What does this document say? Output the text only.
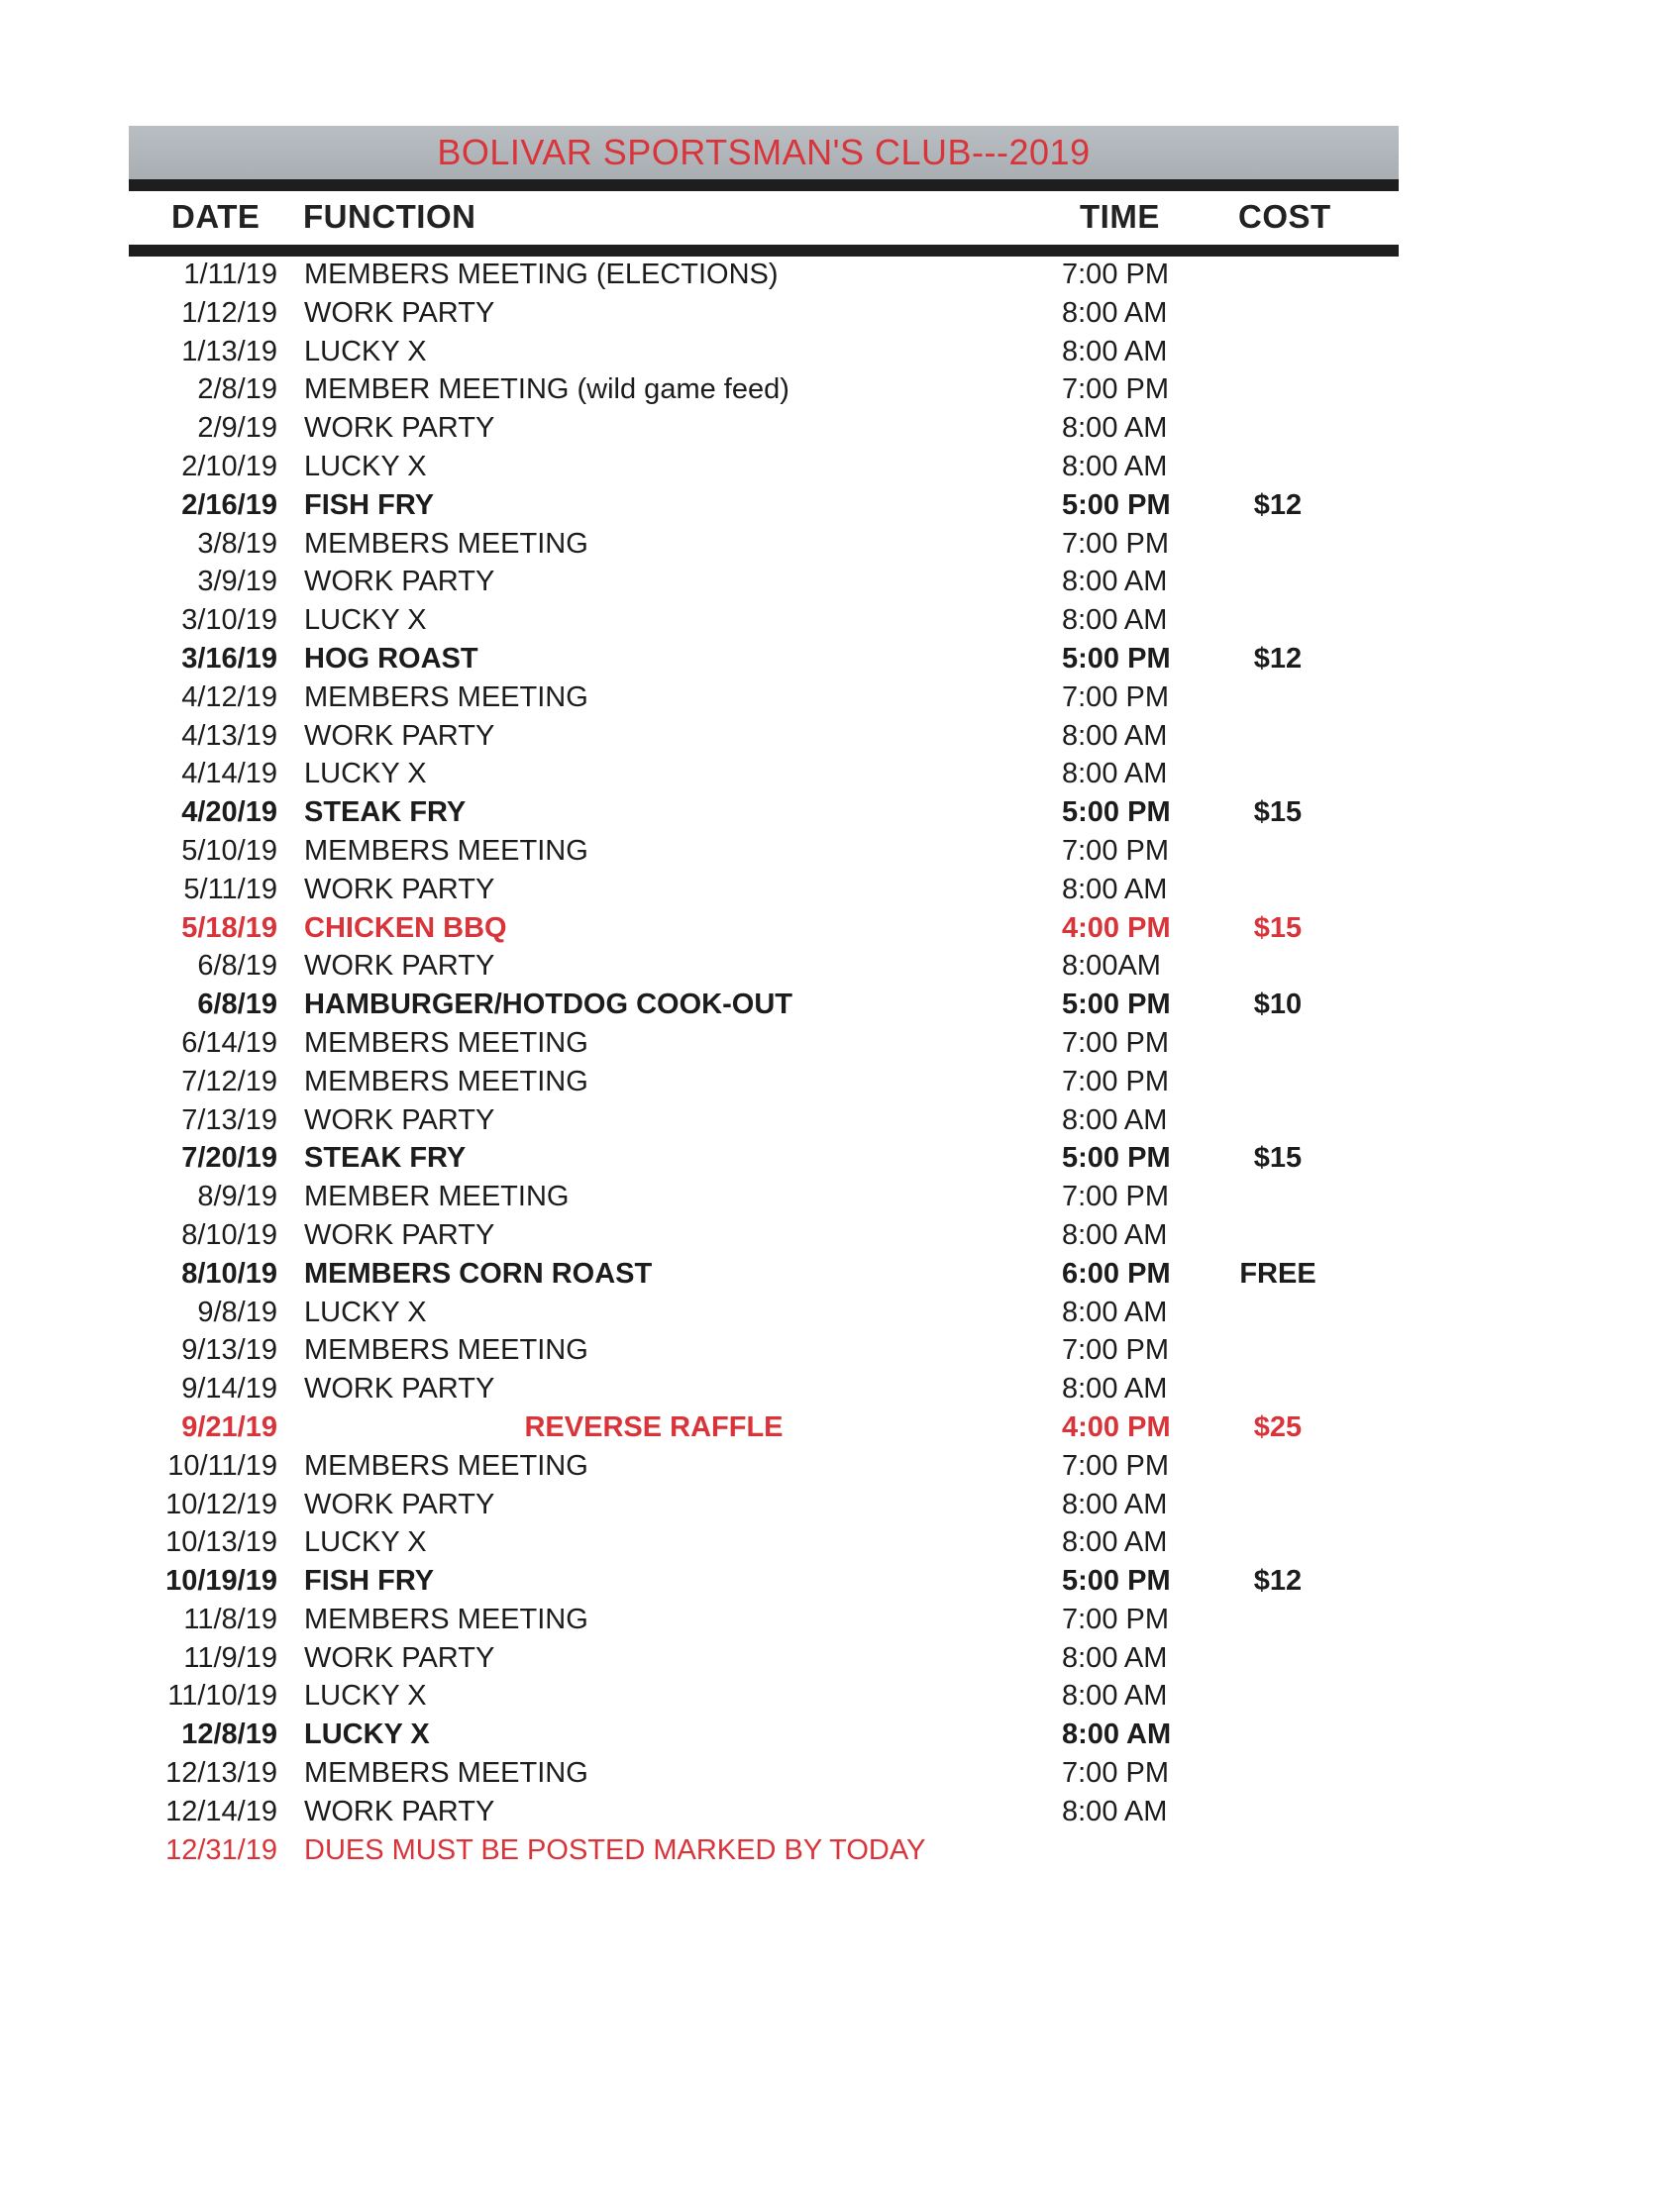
BOLIVAR SPORTSMAN'S CLUB---2019
DATE FUNCTION	TIME COST
1/11/19 MEMBERS MEETING (ELECTIONS)	7:00 PM
1/12/19 WORK PARTY	8:00 AM
1/13/19 LUCKY X	8:00 AM
2/8/19 MEMBER MEETING (wild game feed)	7:00 PM
2/9/19 WORK PARTY	8:00 AM
2/10/19 LUCKY X	8:00 AM
2/16/19 FISH FRY	5:00 PM	$12
3/8/19 MEMBERS MEETING	7:00 PM
3/9/19 WORK PARTY	8:00 AM
3/10/19 LUCKY X	8:00 AM
3/16/19 HOG ROAST	5:00 PM	$12
4/12/19 MEMBERS MEETING	7:00 PM
4/13/19 WORK PARTY	8:00 AM
4/14/19 LUCKY X	8:00 AM
4/20/19 STEAK FRY	5:00 PM	$15
5/10/19 MEMBERS MEETING	7:00 PM
5/11/19 WORK PARTY	8:00 AM
5/18/19 CHICKEN BBQ	4:00 PM	$15
6/8/19 WORK PARTY	8:00AM
6/8/19 HAMBURGER/HOTDOG COOK-OUT	5:00 PM	$10
6/14/19 MEMBERS MEETING	7:00 PM
7/12/19 MEMBERS MEETING	7:00 PM
7/13/19 WORK PARTY	8:00 AM
7/20/19 STEAK FRY	5:00 PM	$15
8/9/19 MEMBER MEETING	7:00 PM
8/10/19 WORK PARTY	8:00 AM
8/10/19 MEMBERS CORN ROAST	6:00 PM	FREE
9/8/19 LUCKY X	8:00 AM
9/13/19 MEMBERS MEETING	7:00 PM
9/14/19 WORK PARTY	8:00 AM
9/21/19	REVERSE RAFFLE	4:00 PM	$25
10/11/19 MEMBERS MEETING	7:00 PM
10/12/19 WORK PARTY	8:00 AM
10/13/19 LUCKY X	8:00 AM
10/19/19 FISH FRY	5:00 PM	$12
11/8/19 MEMBERS MEETING	7:00 PM
11/9/19 WORK PARTY	8:00 AM
11/10/19 LUCKY X	8:00 AM
12/8/19 LUCKY X	8:00 AM
12/13/19 MEMBERS MEETING	7:00 PM
12/14/19 WORK PARTY	8:00 AM
12/31/19 DUES MUST BE POSTED MARKED BY TODAY
